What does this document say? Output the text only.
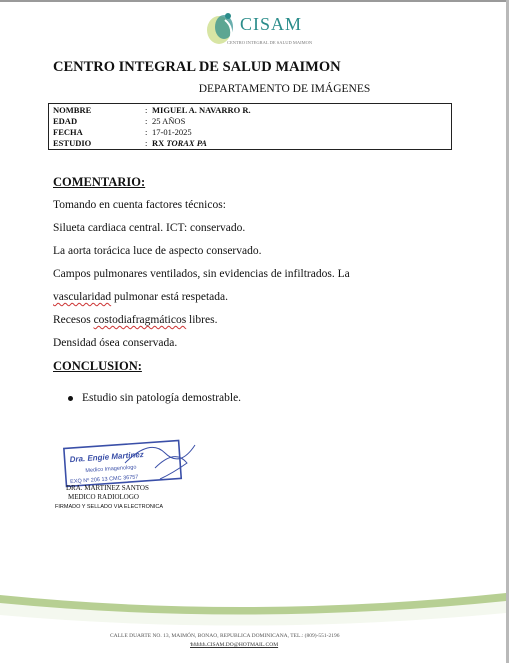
CISAM
CENTRO INTEGRAL DE SALUD MAIMON
CENTRO INTEGRAL DE SALUD MAIMON
DEPARTAMENTO DE IMÁGENES
NOMBRE	: MIGUEL A. NAVARRO R.
EDAD	: 25 AÑOS
FECHA	: 17-01-2025
ESTUDIO	: RX TORAX PA
COMENTARIO:
Tomando en cuenta factores técnicos:
Silueta cardiaca central. ICT: conservado.
La aorta torácica luce de aspecto conservado.
Campos pulmonares ventilados, sin evidencias de infiltrados. La
vascularidad pulmonar está respetada.
Recesos costodiafragmáticos libres.
Densidad ósea conservada.
CONCLUSION:
Estudio sin patología demostrable.
Dra. Engie Martinez
Medico Imagenologo
EXQ Nº 206 13 CMC 36757
DRA. MARTINEZ SANTOS
MEDICO RADIOLOGO
FIRMADO Y SELLADO VIA ELECTRONICA
CALLE DUARTE NO. 13, MAIMÓN, BONAO, REPUBLICA DOMINICANA, TEL.: (809)-551-2196
Ѣѣѣѣѣ.CISAM.DO@HOTMAIL.COM
